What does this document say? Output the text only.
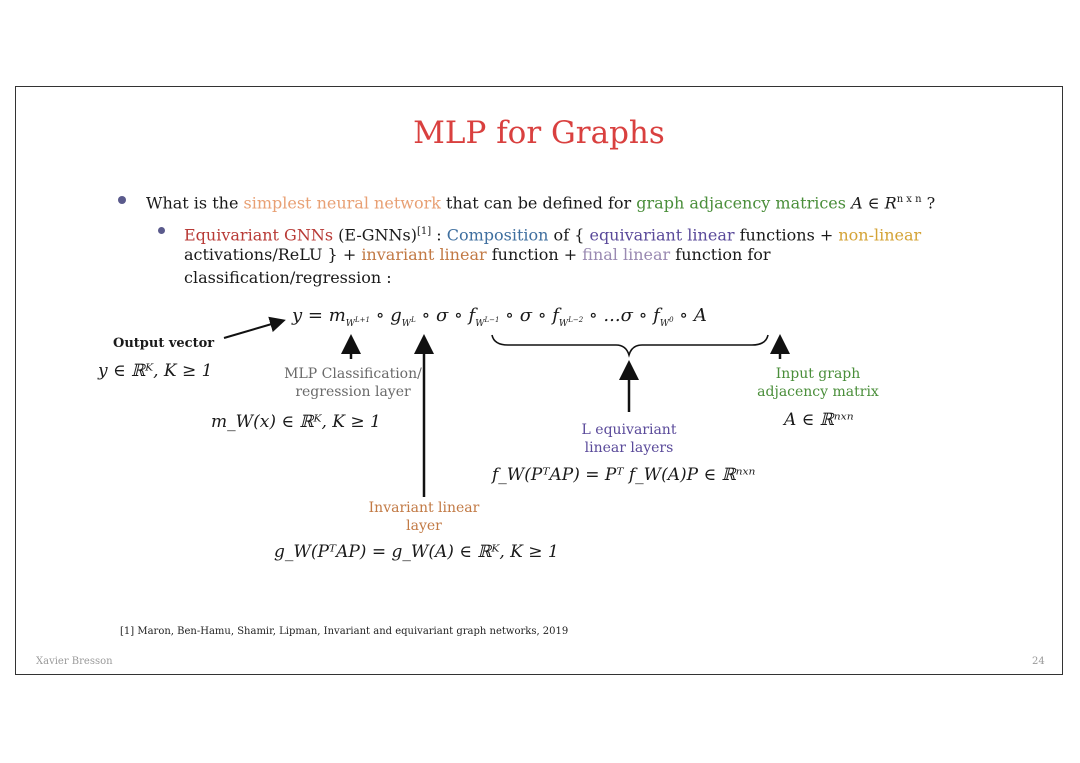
MLP for Graphs
What is the simplest neural network that can be defined for graph adjacency matrices A ∈ $R^{n x n}$ ?
Equivariant GNNs (E-GNNs)[1] : Composition of { equivariant linear functions + non-linear
activations/ReLU } + invariant linear function + final linear function for
classification/regression :
$y = m_{W^{L+1}}$ ∘ $g_{W^L}$ ∘ σ ∘ $f_{W^{L-1}}$ ∘ σ ∘ $f_{W^{L-2}}$ ∘ ...σ ∘ $f_{W^0}$ ∘ A
Output vector
y ∈ ℝᴷ, K ≥ 1	MLP Classification/
regression layer
m_W(x) ∈ ℝᴷ, K ≥ 1
Input graph
adjacency matrix
A ∈ ℝⁿˣⁿ
L equivariant
linear layers
f_W(PᵀAP) = Pᵀ f_W(A)P ∈ ℝⁿˣⁿ
Invariant linear
layer
g_W(PᵀAP) = g_W(A) ∈ ℝᴷ, K ≥ 1
[1] Maron, Ben-Hamu, Shamir, Lipman, Invariant and equivariant graph networks, 2019
Xavier Bresson	24
